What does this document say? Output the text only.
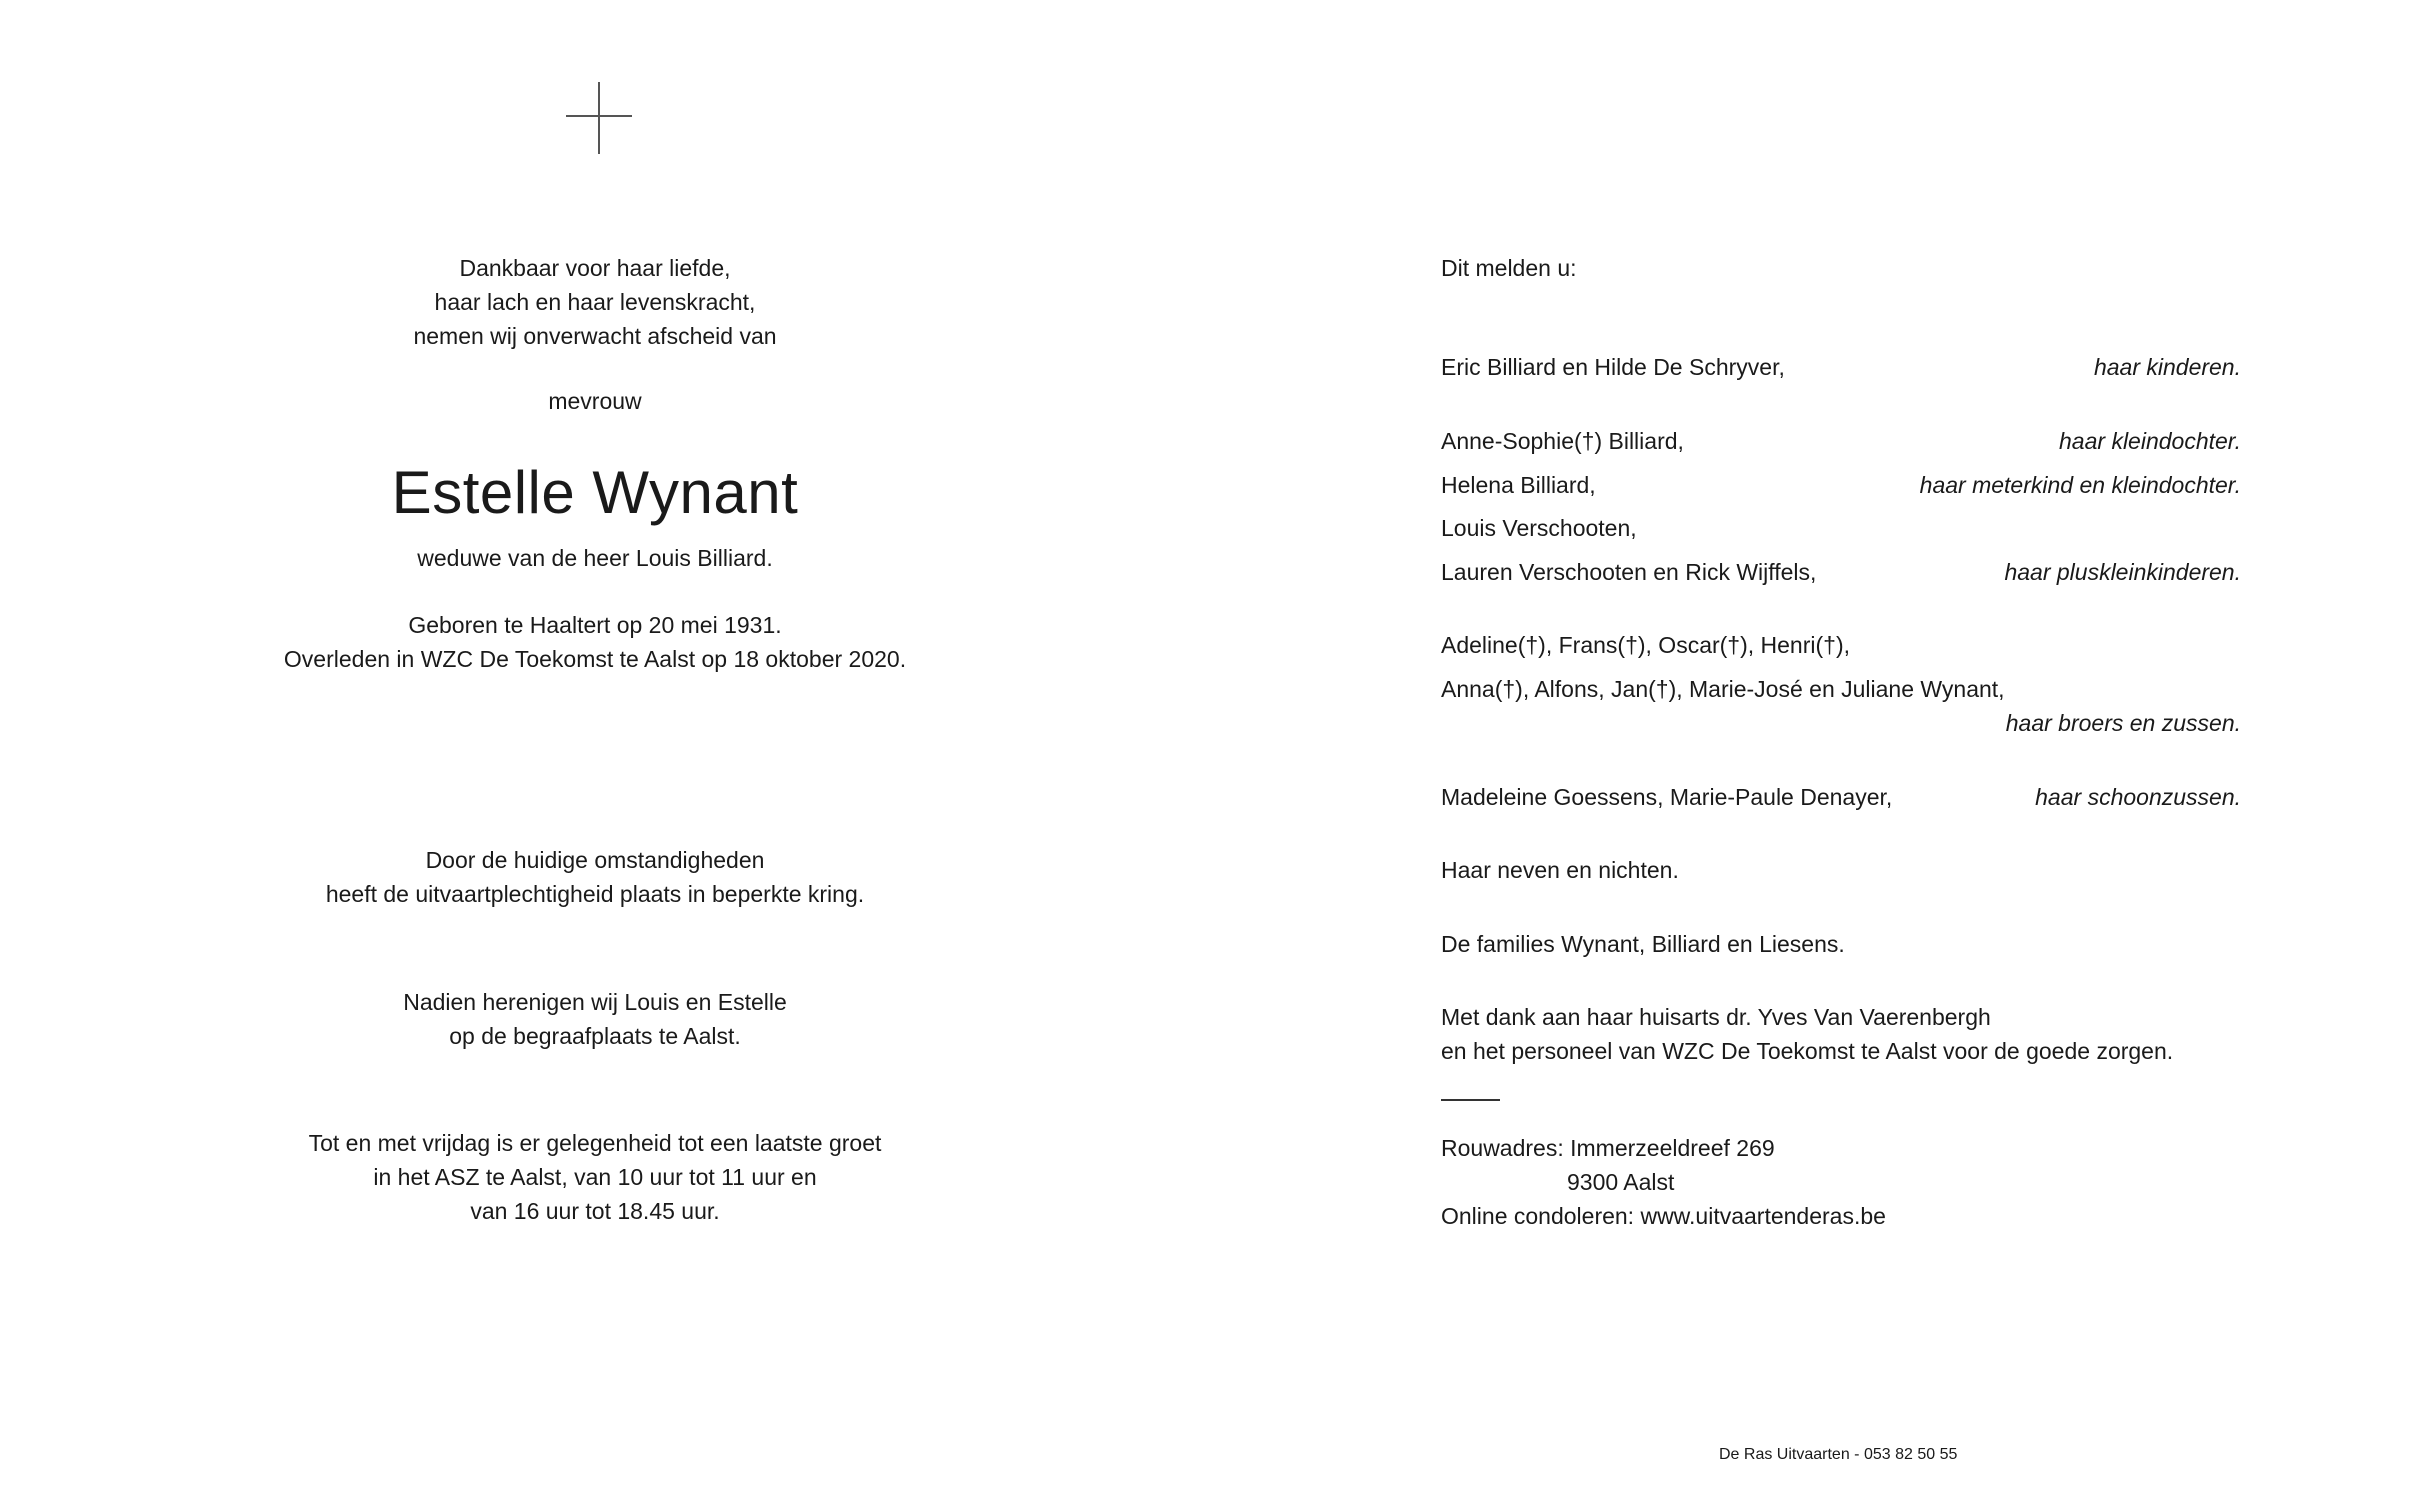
Dankbaar voor haar liefde,
haar lach en haar levenskracht,
nemen wij onverwacht afscheid van
mevrouw
Estelle Wynant
weduwe van de heer Louis Billiard.
Geboren te Haaltert op 20 mei 1931.
Overleden in WZC De Toekomst te Aalst op 18 oktober 2020.
Door de huidige omstandigheden
heeft de uitvaartplechtigheid plaats in beperkte kring.
Nadien herenigen wij Louis en Estelle
op de begraafplaats te Aalst.
Tot en met vrijdag is er gelegenheid tot een laatste groet
in het ASZ te Aalst, van 10 uur tot 11 uur en
van 16 uur tot 18.45 uur.
Dit melden u:
Eric Billiard en Hilde De Schryver,	haar kinderen.
Anne-Sophie(†) Billiard,	haar kleindochter.
Helena Billiard,	haar meterkind en kleindochter.
Louis Verschooten,
Lauren Verschooten en Rick Wijffels,	haar pluskleinkinderen.
Adeline(†), Frans(†), Oscar(†), Henri(†),
Anna(†), Alfons, Jan(†), Marie-José en Juliane Wynant,
haar broers en zussen.
Madeleine Goessens, Marie-Paule Denayer,	haar schoonzussen.
Haar neven en nichten.
De families Wynant, Billiard en Liesens.
Met dank aan haar huisarts dr. Yves Van Vaerenbergh
en het personeel van WZC De Toekomst te Aalst voor de goede zorgen.
Rouwadres: Immerzeeldreef 269
9300 Aalst
Online condoleren: www.uitvaartenderas.be
De Ras Uitvaarten - 053 82 50 55
